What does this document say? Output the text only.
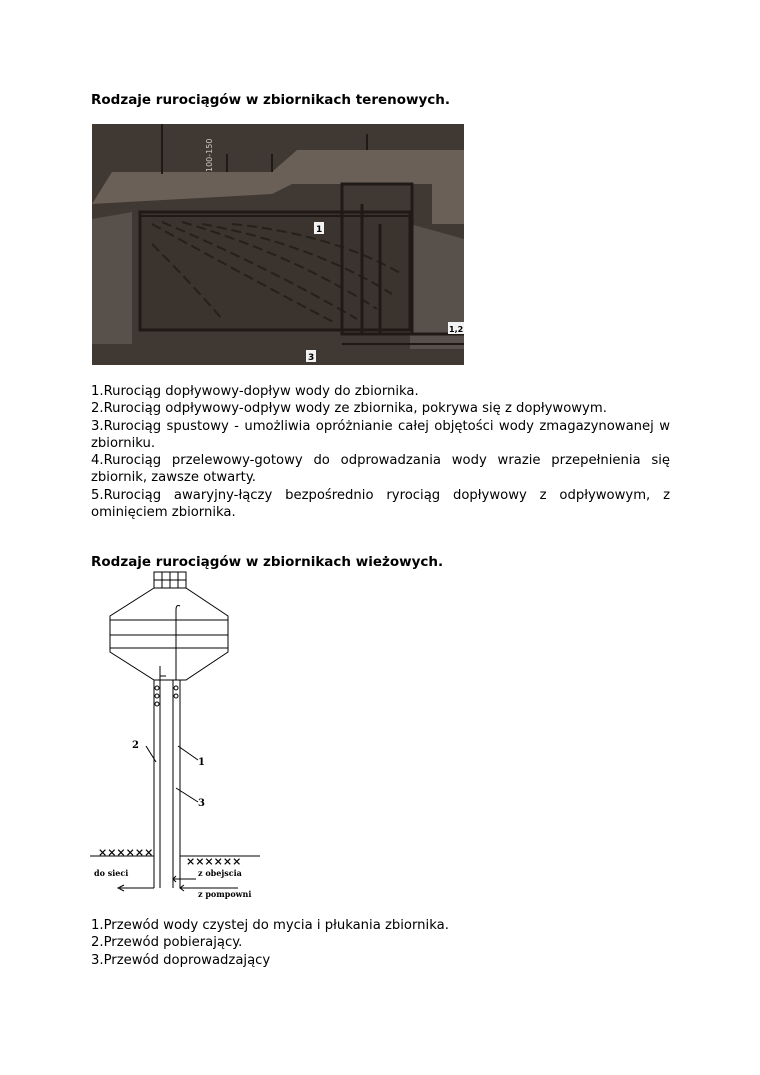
Rodzaje rurociągów w zbiornikach terenowych.
1
1,2
3
100-150

1.Rurociąg dopływowy-dopływ wody do zbiornika.

2.Rurociąg odpływowy-odpływ wody ze zbiornika, pokrywa się z dopływowym.

3.Rurociąg spustowy - umożliwia opróżnianie całej objętości wody zmagazynowanej w zbiorniku.

4.Rurociąg przelewowy-gotowy do odprowadzania wody wrazie przepełnienia się zbiornik, zawsze otwarty.

5.Rurociąg awaryjny-łączy bezpośrednio ryrociąg dopływowy z odpływowym, z ominięciem zbiornika.

Rodzaje rurociągów w zbiornikach wieżowych.
××××××
××××××
2
1
3
do sieci	z obejscia
z pompowni

1.Przewód wody czystej do mycia i płukania zbiornika.

2.Przewód pobierający.

3.Przewód doprowadzający
